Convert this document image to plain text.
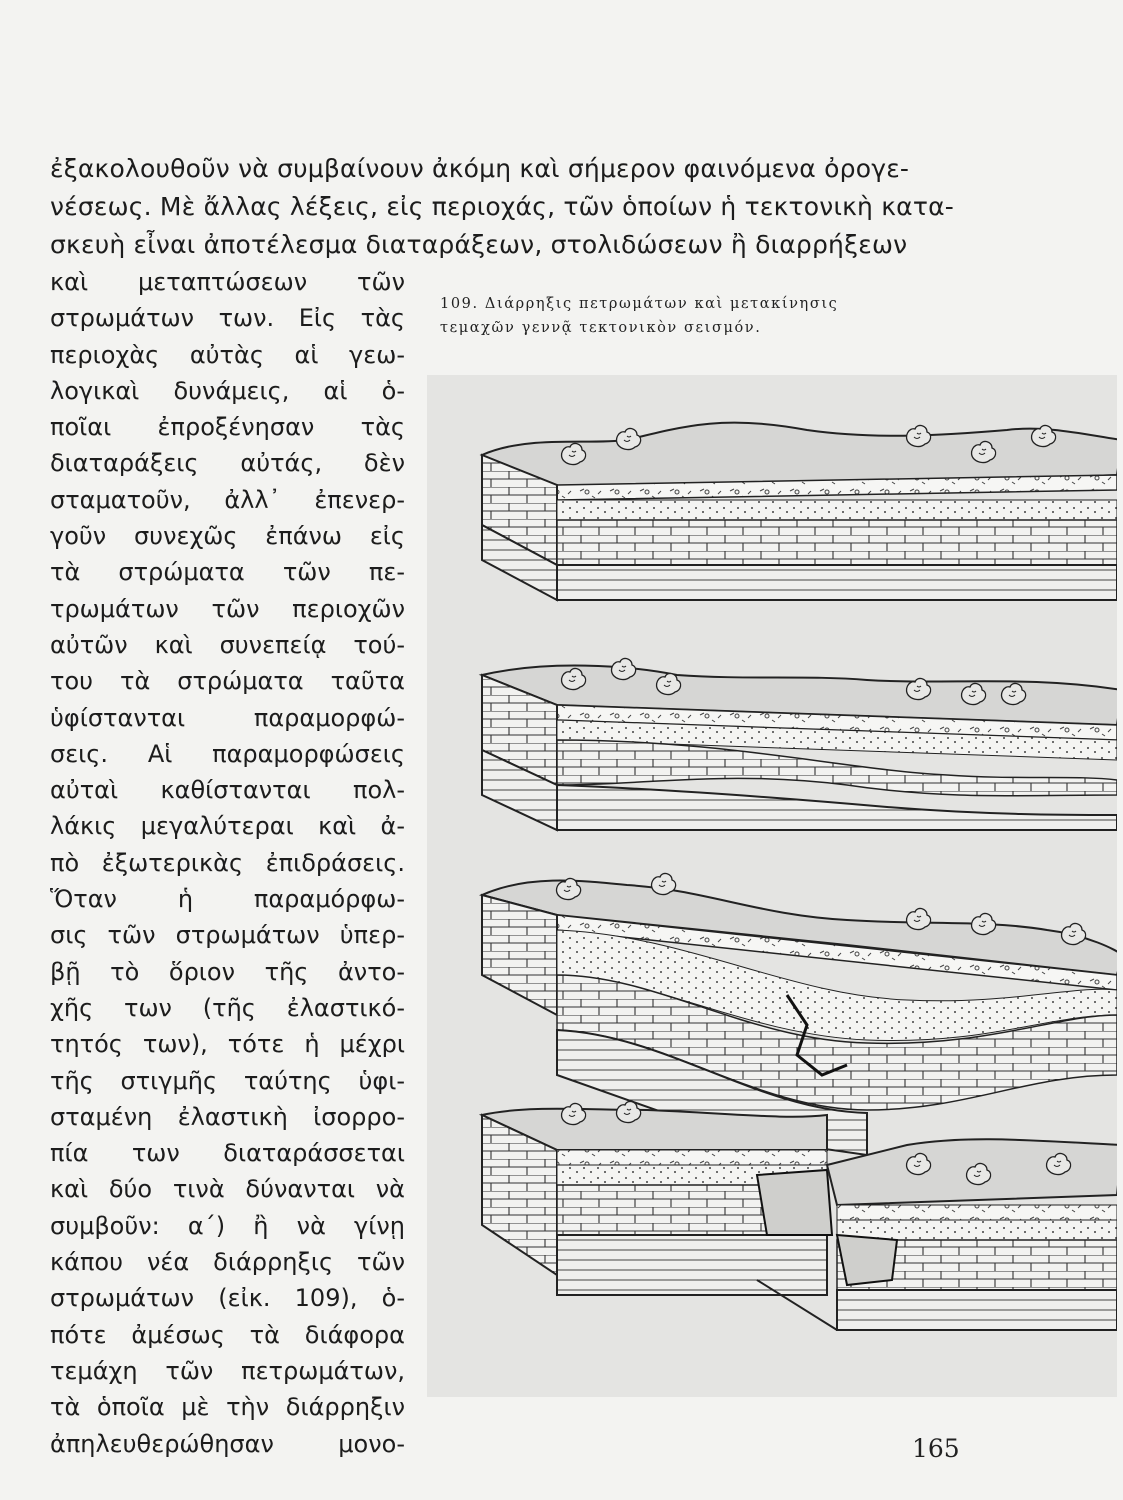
ἐξακολουθοῦν νὰ συμβαίνουν ἀκόμη καὶ σήμερον φαινόμενα ὀρογε-
νέσεως. Μὲ ἄλλας λέξεις, εἰς περιοχάς, τῶν ὁποίων ἡ τεκτονικὴ κατα-
σκευὴ εἶναι ἀποτέλεσμα διαταράξεων, στολιδώσεων ἢ διαρρήξεων
καὶ μεταπτώσεων τῶν
στρωμάτων των. Εἰς τὰς
περιοχὰς αὐτὰς αἱ γεω-
λογικαὶ δυνάμεις, αἱ ὁ-
ποῖαι ἐπροξένησαν τὰς
διαταράξεις αὐτάς, δὲν
σταματοῦν, ἀλλ᾽ ἐπενερ-
γοῦν συνεχῶς ἐπάνω εἰς
τὰ στρώματα τῶν πε-
τρωμάτων τῶν περιοχῶν
αὐτῶν καὶ συνεπείᾳ τού-
του τὰ στρώματα ταῦτα
ὑφίστανται παραμορφώ-
σεις. Αἱ παραμορφώσεις
αὐταὶ καθίστανται πολ-
λάκις μεγαλύτεραι καὶ ἀ-
πὸ ἐξωτερικὰς ἐπιδράσεις.
Ὅταν ἡ παραμόρφω-
σις τῶν στρωμάτων ὑπερ-
βῇ τὸ ὅριον τῆς ἀντο-
χῆς των (τῆς ἐλαστικό-
τητός των), τότε ἡ μέχρι
τῆς στιγμῆς ταύτης ὑφι-
σταμένη ἐλαστικὴ ἰσορρο-
πία των διαταράσσεται
καὶ δύο τινὰ δύνανται νὰ
συμβοῦν: α΄) ἢ νὰ γίνῃ
κάπου νέα διάρρηξις τῶν
στρωμάτων (εἰκ. 109), ὁ-
πότε ἀμέσως τὰ διάφορα
τεμάχη τῶν πετρωμάτων,
τὰ ὁποῖα μὲ τὴν διάρρηξιν
ἀπηλευθερώθησαν μονο-
109. Διάρρηξις πετρωμάτων καὶ μετακίνησις
τεμαχῶν γεννᾷ τεκτονικὸν σεισμόν.
165
